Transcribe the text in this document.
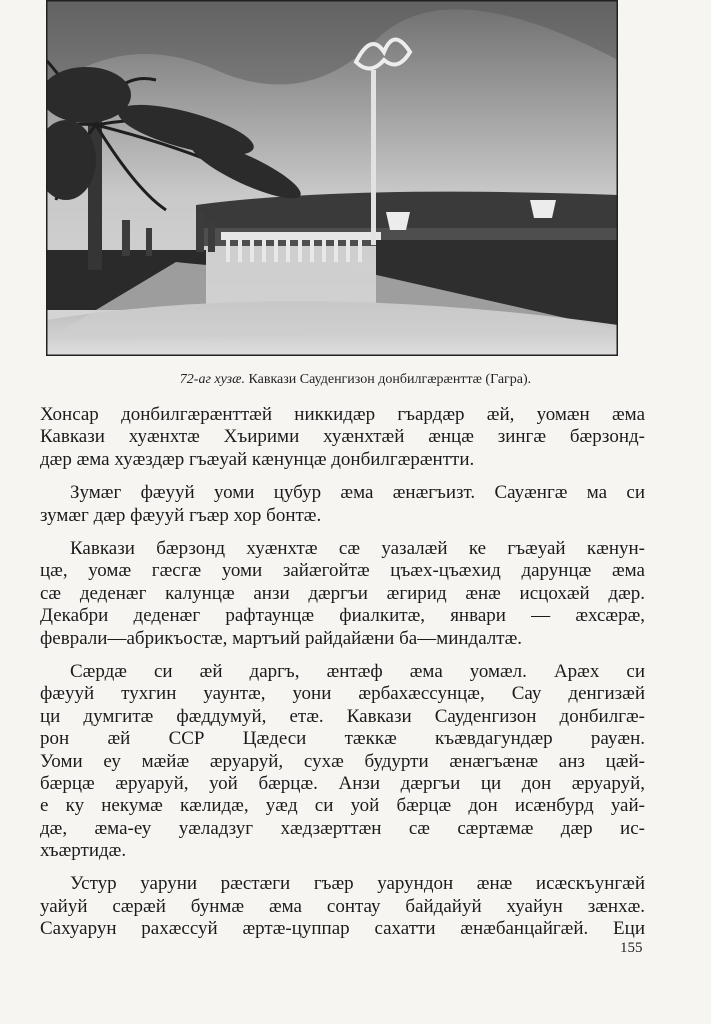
72-аг хузæ. Кавкази Сауденгизон донбилгæрæнттæ (Гагра).

Хонсар донбилгæрæнттæй никкидæр гъардæр æй, уомæн æма
Кавкази хуæнхтæ Хъирими хуæнхтæй æнцæ зингæ бæрзонд-
дæр æма хуæздæр гъæуай кæнунцæ донбилгæрæнтти.

Зумæг фæууй уоми цубур æма æнæгъизт. Сауæнгæ ма си
зумæг дæр фæууй гъæр хор бонтæ.

Кавкази бæрзонд хуæнхтæ сæ уазалæй ке гъæуай кæнун-
цæ, уомæ гæсгæ уоми зайæгойтæ цъæх-цъæхид дарунцæ æма
сæ деденæг калунцæ анзи дæргъи æгирид æнæ исцохæй дæр.
Декабри деденæг рафтаунцæ фиалкитæ, январи — æхсæрæ,
феврали—абрикъостæ, мартъий райдайæни ба—миндалтæ.

Сæрдæ си æй даргъ, æнтæф æма уомæл. Арæх си
фæууй тухгин уаунтæ, уони æрбахæссунцæ, Сау денгизæй
ци думгитæ фæддумуй, етæ. Кавкази Сауденгизон донбилгæ-
рон æй ССР Цæдеси тæккæ къæвдагундæр рауæн.
Уоми еу мæйæ æруаруй, сухæ будурти æнæгъæнæ анз цæй-
бæрцæ æруаруй, уой бæрцæ. Анзи дæргъи ци дон æруаруй,
е ку некумæ кæлидæ, уæд си уой бæрцæ дон исæнбурд уай-
дæ, æма-еу уæладзуг хæдзæрттæн сæ сæртæмæ дæр ис-
хъæртидæ.

Устур уаруни рæстæги гъæр уарундон æнæ исæскъунгæй
уайуй сæрæй бунмæ æма сонтау байдайуй хуайун зæнхæ.
Сахуарун рахæссуй æртæ-цуппар сахатти æнæбанцайгæй. Еци

155
